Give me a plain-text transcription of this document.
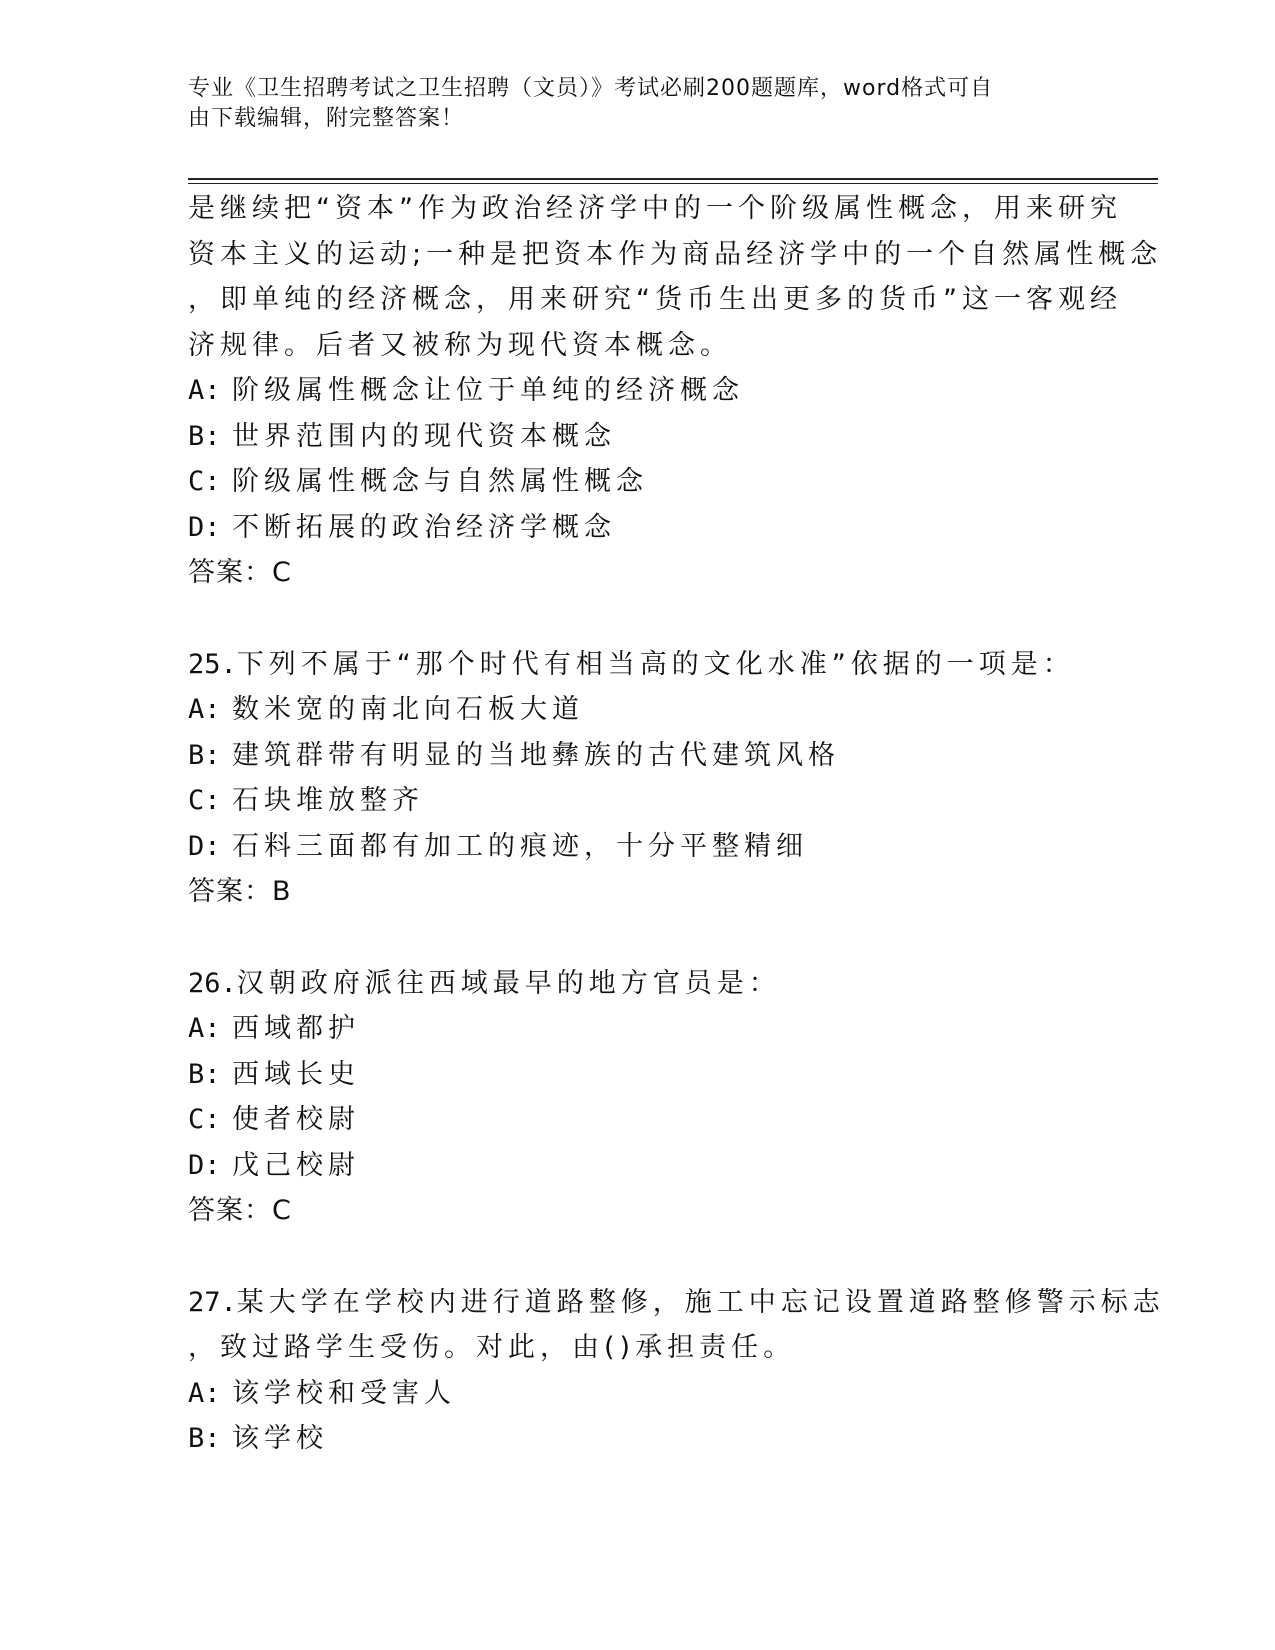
专业《卫生招聘考试之卫生招聘（文员）》考试必刷200题题库，word格式可自
由下载编辑，附完整答案！
是继续把“资本”作为政治经济学中的一个阶级属性概念，用来研究
资本主义的运动;一种是把资本作为商品经济学中的一个自然属性概念
，即单纯的经济概念，用来研究“货币生出更多的货币”这一客观经
济规律。后者又被称为现代资本概念。
A: 阶级属性概念让位于单纯的经济概念
B: 世界范围内的现代资本概念
C: 阶级属性概念与自然属性概念
D: 不断拓展的政治经济学概念
答案：C
25.下列不属于“那个时代有相当高的文化水准”依据的一项是：
A: 数米宽的南北向石板大道
B: 建筑群带有明显的当地彝族的古代建筑风格
C: 石块堆放整齐
D: 石料三面都有加工的痕迹，十分平整精细
答案：B
26.汉朝政府派往西域最早的地方官员是：
A: 西域都护
B: 西域长史
C: 使者校尉
D: 戊己校尉
答案：C
27.某大学在学校内进行道路整修，施工中忘记设置道路整修警示标志
，致过路学生受伤。对此，由()承担责任。
A: 该学校和受害人
B: 该学校
